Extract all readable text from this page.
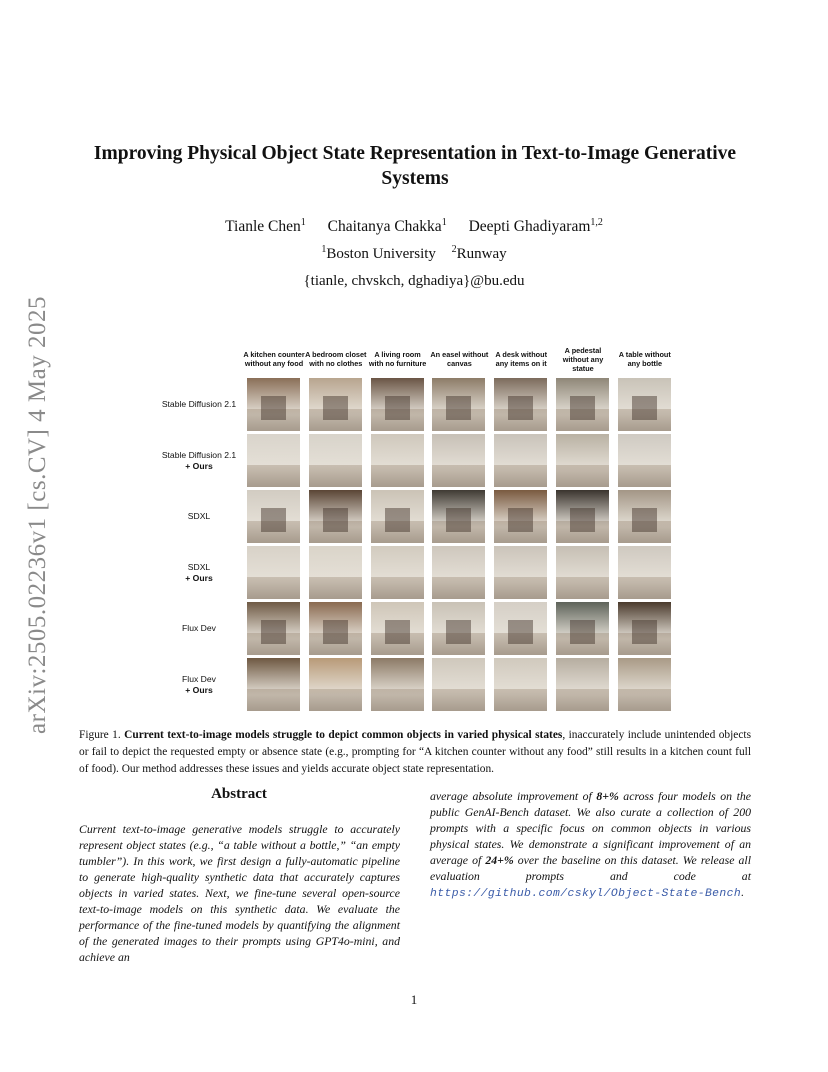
arXiv:2505.02236v1 [cs.CV] 4 May 2025
Improving Physical Object State Representation in Text-to-Image Generative Systems
Tianle Chen$^1$ Chaitanya Chakka$^1$ Deepti Ghadiyaram$^{1,2}$
$^1$Boston University $^2$Runway
{tianle, chvskch, dghadiya}@bu.edu
A kitchen counter without any food
A bedroom closet with no clothes
A living room with no furniture
An easel without canvas
A desk without any items on it
A pedestal without any statue
A table without any bottle
Stable Diffusion 2.1
Stable Diffusion 2.1
+ Ours
SDXL
SDXL
+ Ours
Flux Dev
Flux Dev
+ Ours
Figure 1. Current text-to-image models struggle to depict common objects in varied physical states, inaccurately include unintended objects or fail to depict the requested empty or absence state (e.g., prompting for “A kitchen counter without any food” still results in a kitchen count full of food). Our method addresses these issues and yields accurate object state representation.
Abstract
Current text-to-image generative models struggle to accurately represent object states (e.g., “a table without a bottle,” “an empty tumbler”). In this work, we first design a fully-automatic pipeline to generate high-quality synthetic data that accurately captures objects in varied states. Next, we fine-tune several open-source text-to-image models on this synthetic data. We evaluate the performance of the fine-tuned models by quantifying the alignment of the generated images to their prompts using GPT4o-mini, and achieve an
average absolute improvement of 8+% across four models on the public GenAI-Bench dataset. We also curate a collection of 200 prompts with a specific focus on common objects in various physical states. We demonstrate a significant improvement of an average of 24+% over the baseline on this dataset. We release all evaluation prompts and code at https://github.com/cskyl/Object-State-Bench.
1
